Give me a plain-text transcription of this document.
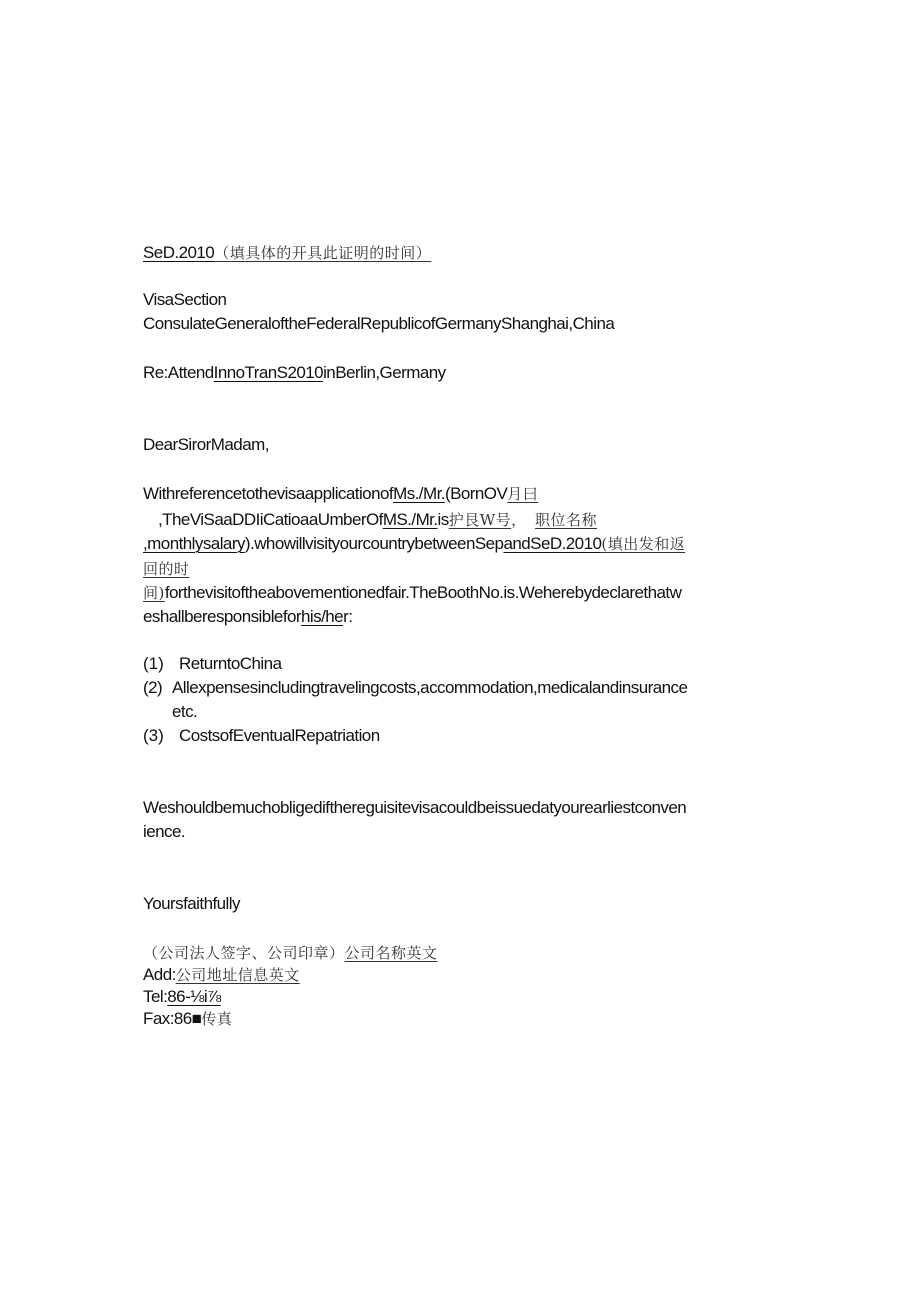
SeD.2010（填具体的开具此证明的时间）
VisaSection
ConsulateGeneraloftheFederalRepublicofGermanyShanghai,China
Re:AttendInnoTranS2010inBerlin,Germany
DearSirorMadam,
WithreferencetothevisaapplicationofMs./Mr.(BornOV月曰
,TheViSaaDDIiCatioaaUmberOfMS./Mr.is护艮W号， 职位名称
,monthlysalary).whowillvisityourcountrybetweenSepandSeD.2010(填出发和返
回的时
间)forthevisitoftheabovementionedfair.TheBoothNo.is.Weherebydeclarethatw
eshallberesponsibleforhis/her:
(1) ReturntoChina
(2) Allexpensesincludingtravelingcosts,accommodation,medicalandinsurance
etc.
(3) CostsofEventualRepatriation
Weshouldbemuchobligedifthereguisitevisacouldbeissuedatyourearliestconven
ience.
Yoursfaithfully
（公司法人签字、公司印章）公司名称英文
Add:公司地址信息英文
Tel:86-⅛i⅞
Fax:86■传真
